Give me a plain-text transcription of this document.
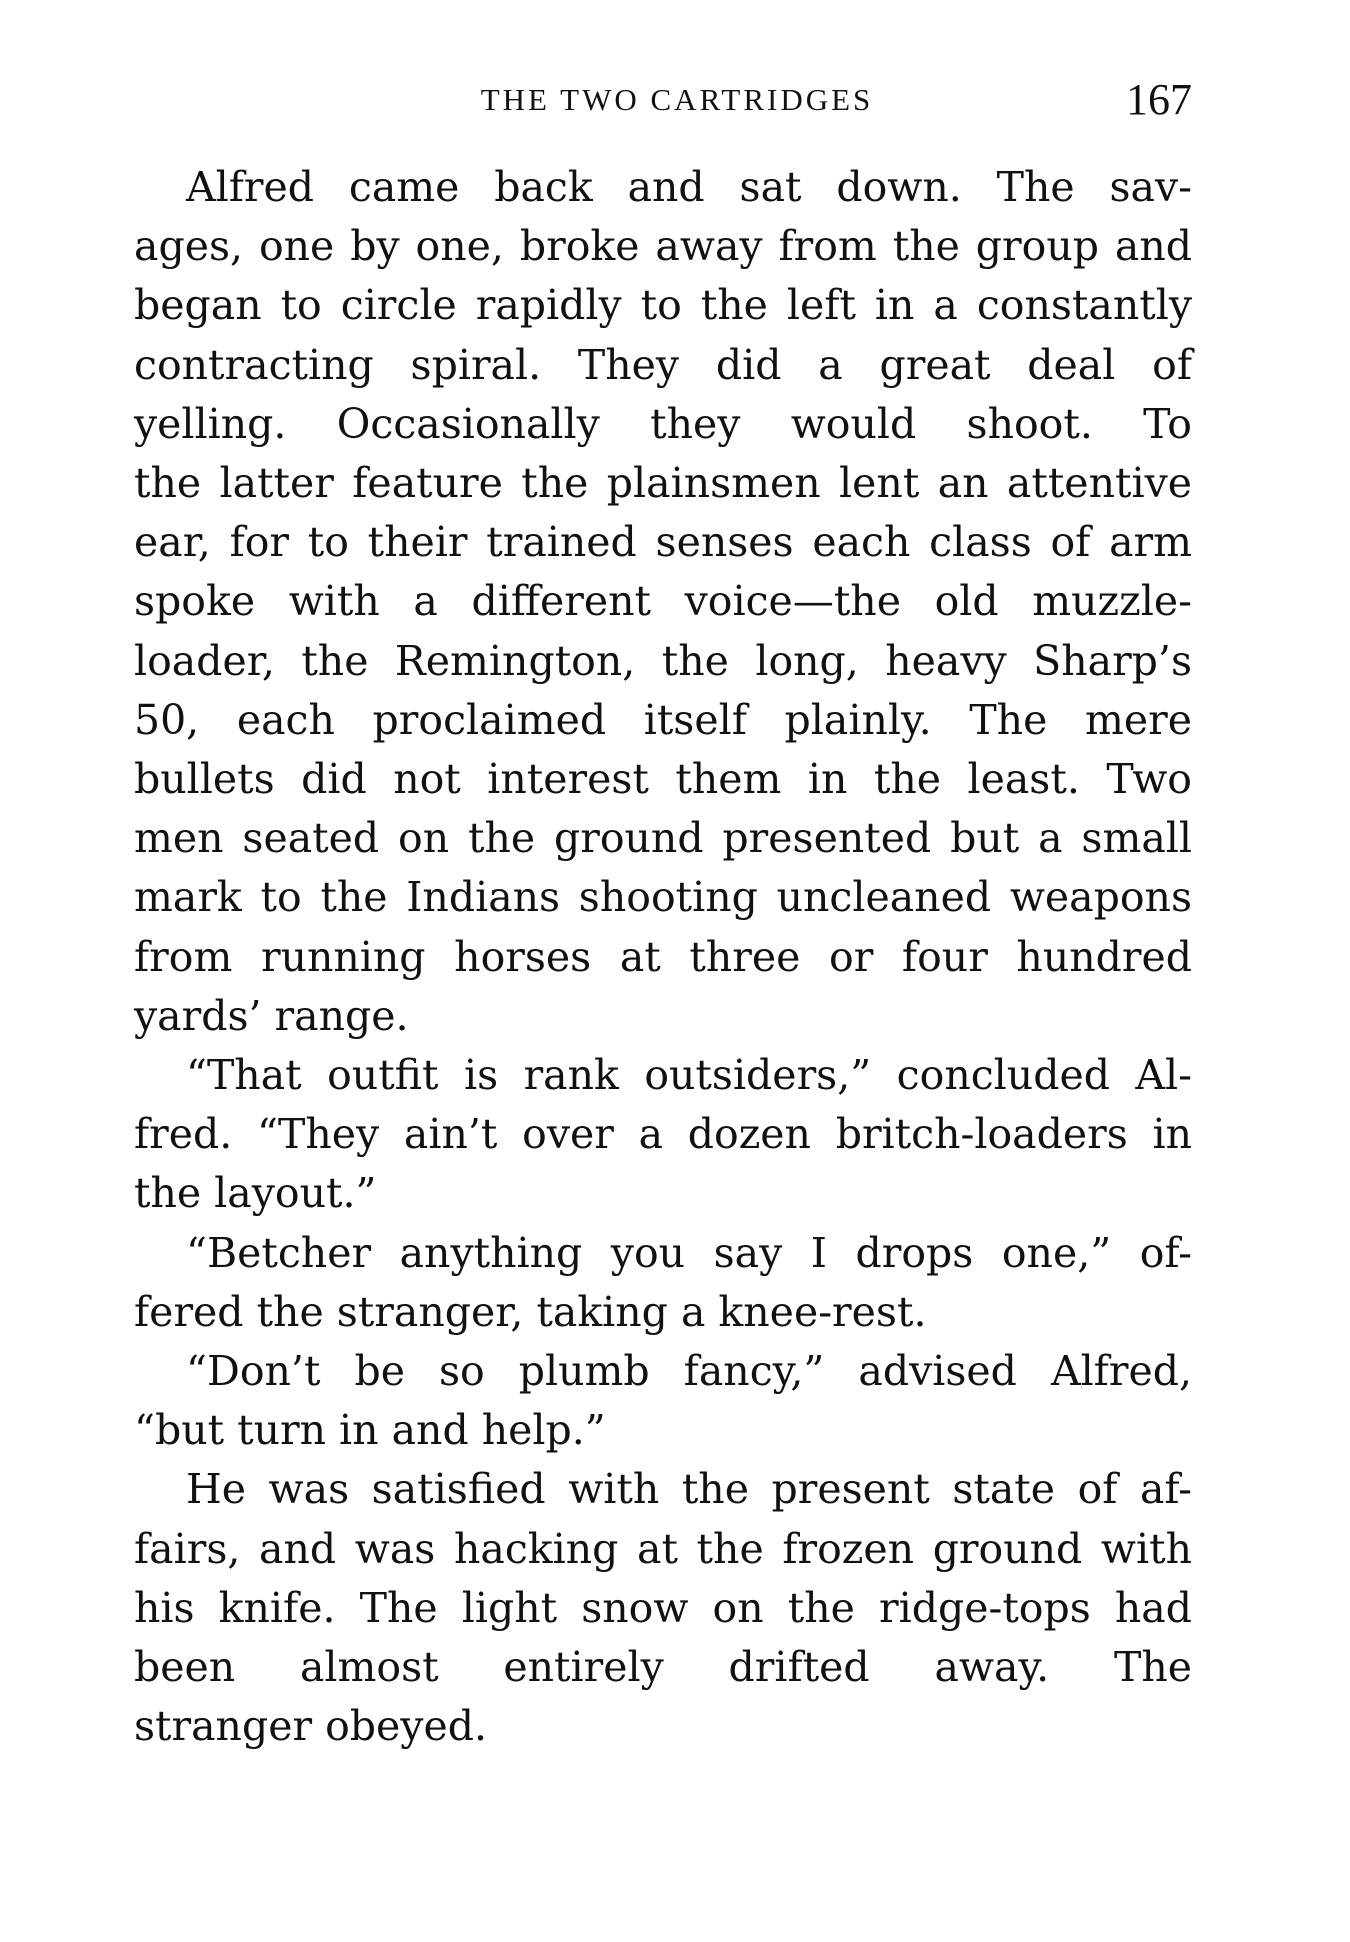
THE TWO CARTRIDGES	167

Alfred came back and sat down. The sav-
ages, one by one, broke away from the group and
began to circle rapidly to the left in a constantly
contracting spiral. They did a great deal of
yelling. Occasionally they would shoot. To
the latter feature the plainsmen lent an attentive
ear, for to their trained senses each class of arm
spoke with a different voice—the old muzzle-
loader, the Remington, the long, heavy Sharp’s
50, each proclaimed itself plainly. The mere
bullets did not interest them in the least. Two
men seated on the ground presented but a small
mark to the Indians shooting uncleaned weapons
from running horses at three or four hundred
yards’ range.

“That outfit is rank outsiders,” concluded Al-
fred. “They ain’t over a dozen britch-loaders in
the layout.”

“Betcher anything you say I drops one,” of-
fered the stranger, taking a knee-rest.

“Don’t be so plumb fancy,” advised Alfred,
“but turn in and help.”

He was satisfied with the present state of af-
fairs, and was hacking at the frozen ground with
his knife. The light snow on the ridge-tops had
been almost entirely drifted away. The
stranger obeyed.
